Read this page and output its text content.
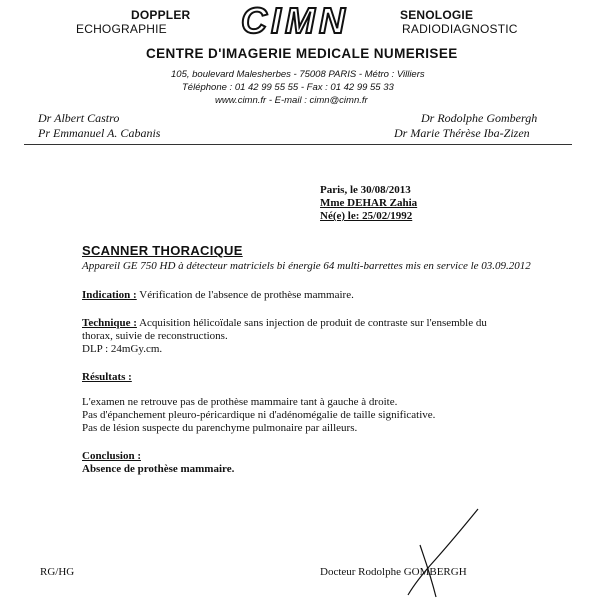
DOPPLER
ECHOGRAPHIE CIMN	SENOLOGIE
RADIODIAGNOSTIC
CENTRE D'IMAGERIE MEDICALE NUMERISEE
105, boulevard Malesherbes - 75008 PARIS - Métro : Villiers
Téléphone : 01 42 99 55 55 - Fax : 01 42 99 55 33
www.cimn.fr - E-mail : cimn@cimn.fr
Dr Albert Castro
Pr Emmanuel A. Cabanis
Dr Rodolphe Gombergh
Dr Marie Thérèse Iba-Zizen
Paris, le 30/08/2013
Mme DEHAR Zahia
Né(e) le: 25/02/1992
SCANNER THORACIQUE
Appareil GE 750 HD à détecteur matriciels bi énergie 64 multi-barrettes mis en service le 03.09.2012
Indication : Vérification de l'absence de prothèse mammaire.
Technique : Acquisition hélicoïdale sans injection de produit de contraste sur l'ensemble du
thorax, suivie de reconstructions.
DLP : 24mGy.cm.
Résultats :
L'examen ne retrouve pas de prothèse mammaire tant à gauche à droite.
Pas d'épanchement pleuro-péricardique ni d'adénomégalie de taille significative.
Pas de lésion suspecte du parenchyme pulmonaire par ailleurs.
Conclusion :
Absence de prothèse mammaire.
RG/HG	Docteur Rodolphe GOMBERGH
